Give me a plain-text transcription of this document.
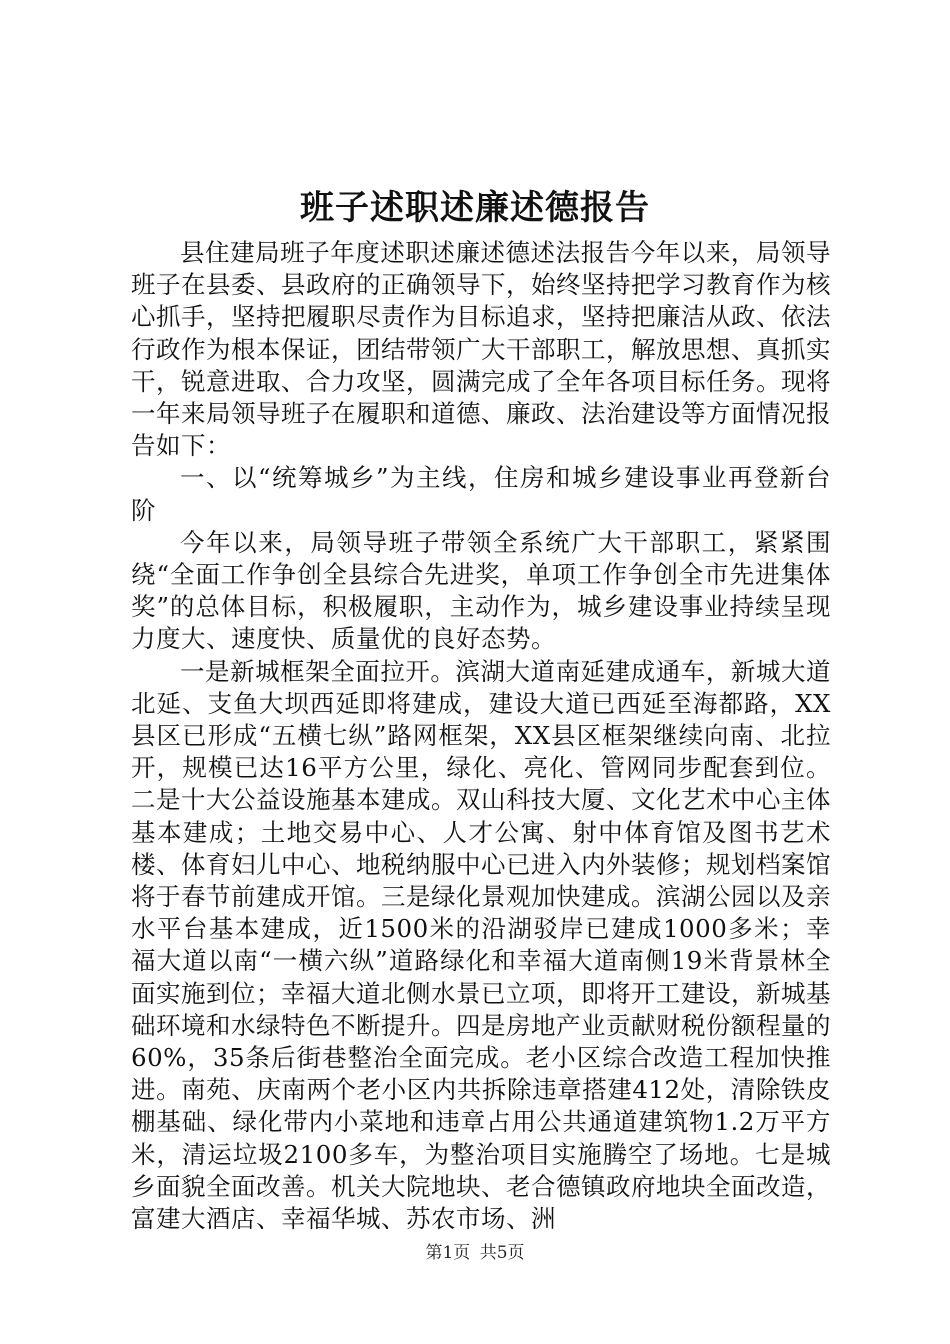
班子述职述廉述德报告

县住建局班子年度述职述廉述德述法报告今年以来，局领导班子在县委、县政府的正确领导下，始终坚持把学习教育作为核心抓手，坚持把履职尽责作为目标追求，坚持把廉洁从政、依法行政作为根本保证，团结带领广大干部职工，解放思想、真抓实干，锐意进取、合力攻坚，圆满完成了全年各项目标任务。现将一年来局领导班子在履职和道德、廉政、法治建设等方面情况报告如下：

一、以“统筹城乡”为主线，住房和城乡建设事业再登新台阶

今年以来，局领导班子带领全系统广大干部职工，紧紧围绕“全面工作争创全县综合先进奖，单项工作争创全市先进集体奖”的总体目标，积极履职，主动作为，城乡建设事业持续呈现力度大、速度快、质量优的良好态势。

一是新城框架全面拉开。滨湖大道南延建成通车，新城大道北延、支鱼大坝西延即将建成，建设大道已西延至海都路，XX县区已形成“五横七纵”路网框架，XX县区框架继续向南、北拉开，规模已达16平方公里，绿化、亮化、管网同步配套到位。二是十大公益设施基本建成。双山科技大厦、文化艺术中心主体基本建成；土地交易中心、人才公寓、射中体育馆及图书艺术楼、体育妇儿中心、地税纳服中心已进入内外装修；规划档案馆将于春节前建成开馆。三是绿化景观加快建成。滨湖公园以及亲水平台基本建成，近1500米的沿湖驳岸已建成1000多米；幸福大道以南“一横六纵”道路绿化和幸福大道南侧19米背景林全面实施到位；幸福大道北侧水景已立项，即将开工建设，新城基础环境和水绿特色不断提升。四是房地产业贡献财税份额程量的60%，35条后街巷整治全面完成。老小区综合改造工程加快推进。南苑、庆南两个老小区内共拆除违章搭建412处，清除铁皮棚基础、绿化带内小菜地和违章占用公共通道建筑物1.2万平方米，清运垃圾2100多车，为整治项目实施腾空了场地。七是城乡面貌全面改善。机关大院地块、老合德镇政府地块全面改造，富建大酒店、幸福华城、苏农市场、洲

第1页 共5页
